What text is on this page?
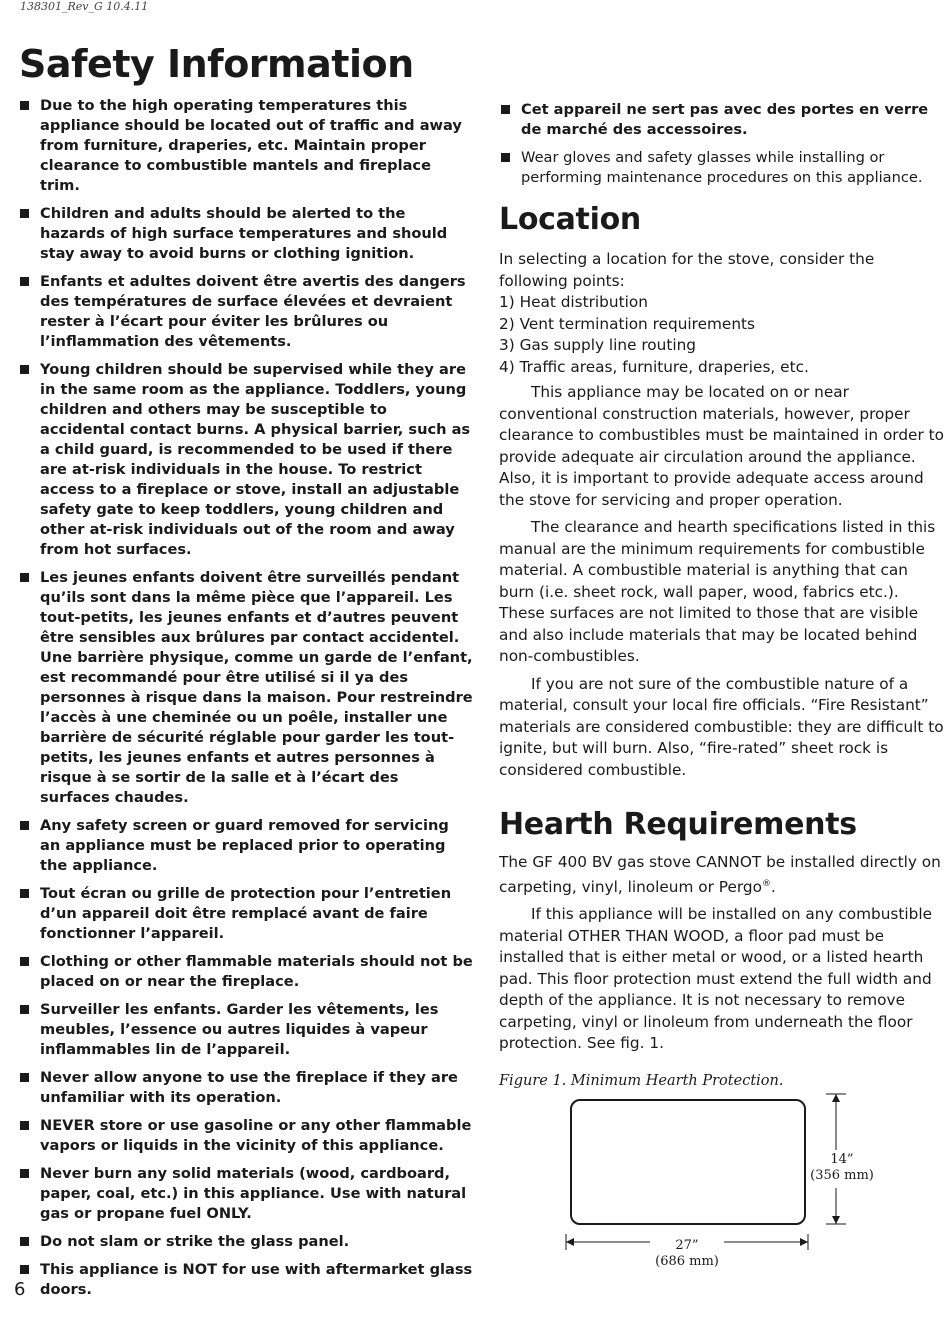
138301_Rev_G 10.4.11
Safety Information
Due to the high operating temperatures this appliance should be located out of traffic and away from furniture, draperies, etc. Maintain proper clearance to combustible mantels and fireplace trim.
Children and adults should be alerted to the hazards of high surface temperatures and should stay away to avoid burns or clothing ignition.
Enfants et adultes doivent être avertis des dangers des températures de surface élevées et devraient rester à l’écart pour éviter les brûlures ou l’inflammation des vêtements.
Young children should be supervised while they are in the same room as the appliance. Toddlers, young children and others may be susceptible to accidental contact burns. A physical barrier, such as a child guard, is recommended to be used if there are at-risk individuals in the house. To restrict access to a fireplace or stove, install an adjustable safety gate to keep toddlers, young children and other at-risk individuals out of the room and away from hot surfaces.
Les jeunes enfants doivent être surveillés pendant qu’ils sont dans la même pièce que l’appareil. Les tout-petits, les jeunes enfants et d’autres peuvent être sensibles aux brûlures par contact accidentel. Une barrière physique, comme un garde de l’enfant, est recommandé pour être utilisé si il ya des personnes à risque dans la maison. Pour restreindre l’accès à une cheminée ou un poêle, installer une barrière de sécurité réglable pour garder les tout-petits, les jeunes enfants et autres personnes à risque à se sortir de la salle et à l’écart des surfaces chaudes.
Any safety screen or guard removed for servicing an appliance must be replaced prior to operating the appliance.
Tout écran ou grille de protection pour l’entretien d’un appareil doit être remplacé avant de faire fonctionner l’appareil.
Clothing or other flammable materials should not be placed on or near the fireplace.
Surveiller les enfants. Garder les vêtements, les meubles, l’essence ou autres liquides à vapeur inflammables lin de l’appareil.
Never allow anyone to use the fireplace if they are unfamiliar with its operation.
NEVER store or use gasoline or any other flammable vapors or liquids in the vicinity of this appliance.
Never burn any solid materials (wood, cardboard, paper, coal, etc.) in this appliance. Use with natural gas or propane fuel ONLY.
Do not slam or strike the glass panel.
This appliance is NOT for use with aftermarket glass doors.
Cet appareil ne sert pas avec des portes en verre de marché des accessoires.
Wear gloves and safety glasses while installing or performing maintenance procedures on this appliance.
Location

In selecting a location for the stove, consider the following points:

1) Heat distribution

2) Vent termination requirements

3) Gas supply line routing

4) Traffic areas, furniture, draperies, etc.

This appliance may be located on or near conventional construction materials, however, proper clearance to combustibles must be maintained in order to provide adequate air circulation around the appliance. Also, it is important to provide adequate access around the stove for servicing and proper operation.

The clearance and hearth specifications listed in this manual are the minimum requirements for combustible material. A combustible material is anything that can burn (i.e. sheet rock, wall paper, wood, fabrics etc.). These surfaces are not limited to those that are visible and also include materials that may be located behind non-combustibles.

If you are not sure of the combustible nature of a material, consult your local fire officials. “Fire Resistant” materials are considered combustible: they are difficult to ignite, but will burn. Also, “fire-rated” sheet rock is considered combustible.

Hearth Requirements

The GF 400 BV gas stove CANNOT be installed directly on carpeting, vinyl, linoleum or Pergo®.

If this appliance will be installed on any combustible material OTHER THAN WOOD, a floor pad must be installed that is either metal or wood, or a listed hearth pad. This floor protection must extend the full width and depth of the appliance. It is not necessary to remove carpeting, vinyl or linoleum from underneath the floor protection. See fig. 1.

Figure 1. Minimum Hearth Protection.

14”
(356 mm)
27”
(686 mm)
6
